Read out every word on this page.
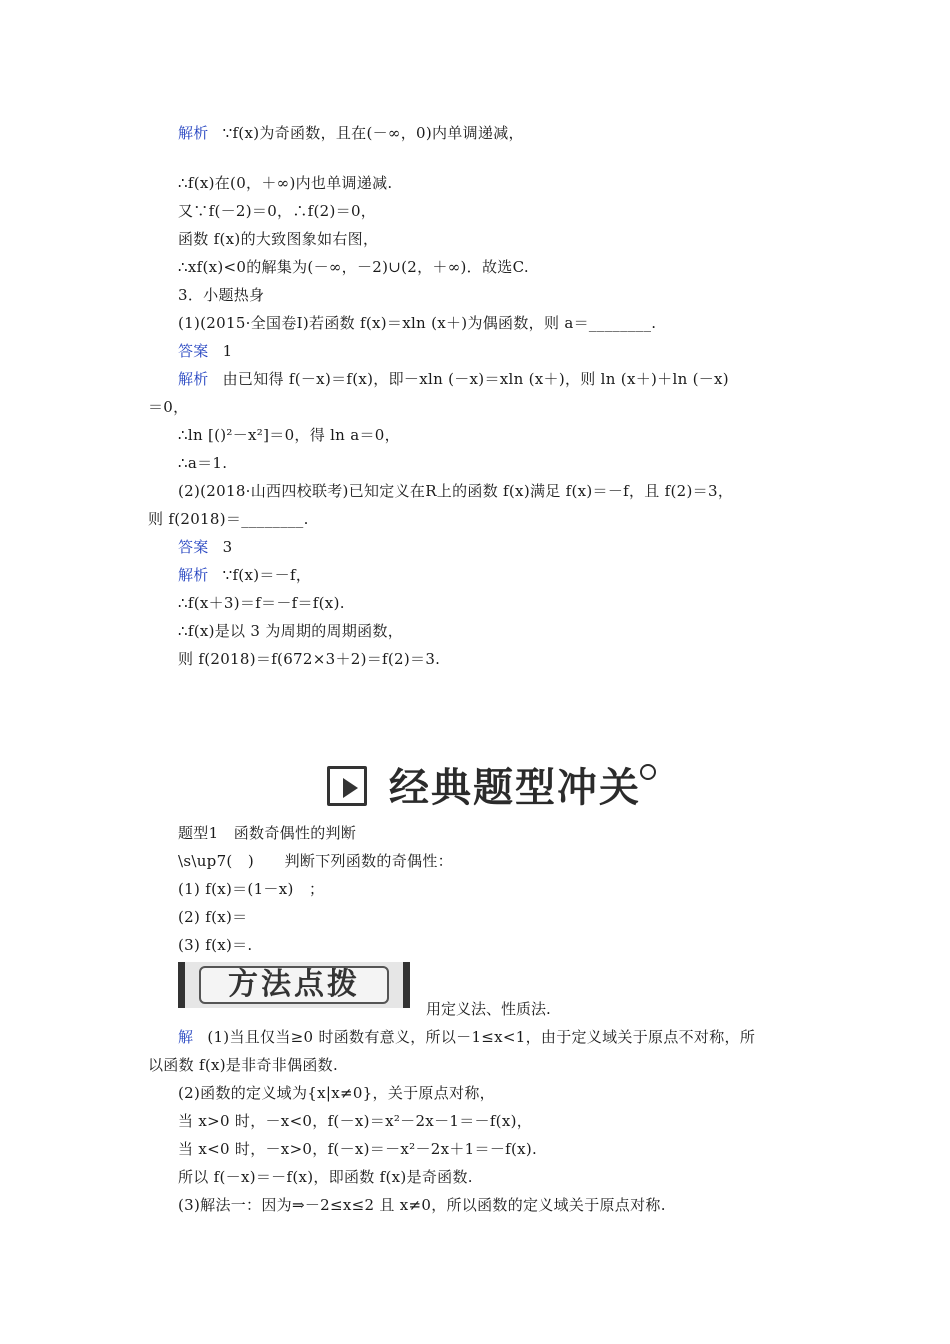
解析 ∵f(x)为奇函数，且在(－∞，0)内单调递减，
∴f(x)在(0，＋∞)内也单调递减.
又∵f(－2)＝0，∴f(2)＝0，
函数 f(x)的大致图象如右图，
∴xf(x)<0的解集为(－∞，－2)∪(2，＋∞)．故选C.
3．小题热身
(1)(2015·全国卷Ⅰ)若函数 f(x)＝xln (x＋)为偶函数，则 a＝________.
答案 1
解析 由已知得 f(－x)＝f(x)，即－xln (－x)＝xln (x＋)，则 ln (x＋)＋ln (－x)
＝0，
∴ln [()²－x²]＝0，得 ln a＝0，
∴a＝1.
(2)(2018·山西四校联考)已知定义在R上的函数 f(x)满足 f(x)＝－f，且 f(2)＝3，
则 f(2018)＝________.
答案 3
解析 ∵f(x)＝－f，
∴f(x＋3)＝f＝－f＝f(x).
∴f(x)是以 3 为周期的周期函数，
则 f(2018)＝f(672×3＋2)＝f(2)＝3.
经典题型冲关
题型1　函数奇偶性的判断
\s\up7(　)　　判断下列函数的奇偶性：
(1) f(x)＝(1－x)　；
(2) f(x)＝
(3) f(x)＝.
方法点拨
用定义法、性质法.
解 (1)当且仅当≥0 时函数有意义，所以－1≤x<1，由于定义域关于原点不对称，所
以函数 f(x)是非奇非偶函数.
(2)函数的定义域为{x|x≠0}，关于原点对称，
当 x>0 时，－x<0，f(－x)＝x²－2x－1＝－f(x)，
当 x<0 时，－x>0，f(－x)＝－x²－2x＋1＝－f(x).
所以 f(－x)＝－f(x)，即函数 f(x)是奇函数.
(3)解法一：因为⇒－2≤x≤2 且 x≠0，所以函数的定义域关于原点对称.
